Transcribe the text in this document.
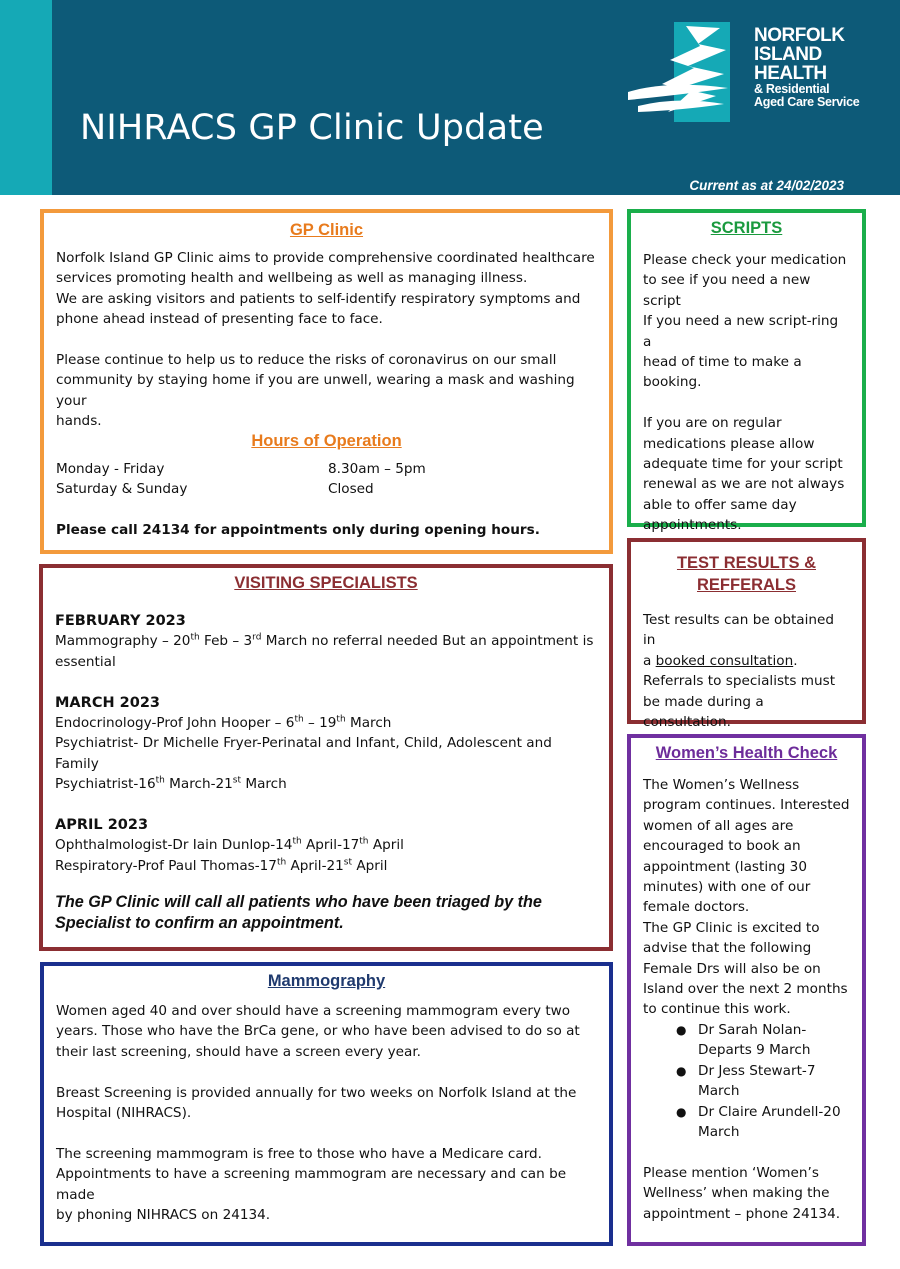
NIHRACS GP Clinic Update
NORFOLK
ISLAND
HEALTH
& Residential
Aged Care Service
Current as at 24/02/2023
GP Clinic
Norfolk Island GP Clinic aims to provide comprehensive coordinated healthcare
services promoting health and wellbeing as well as managing illness.
We are asking visitors and patients to self-identify respiratory symptoms and
phone ahead instead of presenting face to face.
Please continue to help us to reduce the risks of coronavirus on our small
community by staying home if you are unwell, wearing a mask and washing your
hands.
Hours of Operation
Monday - Friday	8.30am – 5pm
Saturday & Sunday	Closed
Please call 24134 for appointments only during opening hours.
VISITING SPECIALISTS
FEBRUARY 2023
Mammography – 20th Feb – 3rd March no referral needed But an appointment is
essential
MARCH 2023
Endocrinology-Prof John Hooper – 6th – 19th March
Psychiatrist- Dr Michelle Fryer-Perinatal and Infant, Child, Adolescent and Family
Psychiatrist-16th March-21st March
APRIL 2023
Ophthalmologist-Dr Iain Dunlop-14th April-17th April
Respiratory-Prof Paul Thomas-17th April-21st April
The GP Clinic will call all patients who have been triaged by the
Specialist to confirm an appointment.
Mammography
Women aged 40 and over should have a screening mammogram every two
years. Those who have the BrCa gene, or who have been advised to do so at
their last screening, should have a screen every year.
Breast Screening is provided annually for two weeks on Norfolk Island at the
Hospital (NIHRACS).
The screening mammogram is free to those who have a Medicare card.
Appointments to have a screening mammogram are necessary and can be made
by phoning NIHRACS on 24134.
SCRIPTS
Please check your medication
to see if you need a new script
If you need a new script-ring a
head of time to make a
booking.
If you are on regular
medications please allow
adequate time for your script
renewal as we are not always
able to offer same day
appointments.
TEST RESULTS &
REFFERALS
Test results can be obtained in
a booked consultation.
Referrals to specialists must
be made during a
consultation.
Women’s Health Check
The Women’s Wellness
program continues. Interested
women of all ages are
encouraged to book an
appointment (lasting 30
minutes) with one of our
female doctors.
The GP Clinic is excited to
advise that the following
Female Drs will also be on
Island over the next 2 months
to continue this work.
● Dr Sarah Nolan-
Departs 9 March
● Dr Jess Stewart-7
March
● Dr Claire Arundell-20
March
Please mention ‘Women’s
Wellness’ when making the
appointment – phone 24134.
